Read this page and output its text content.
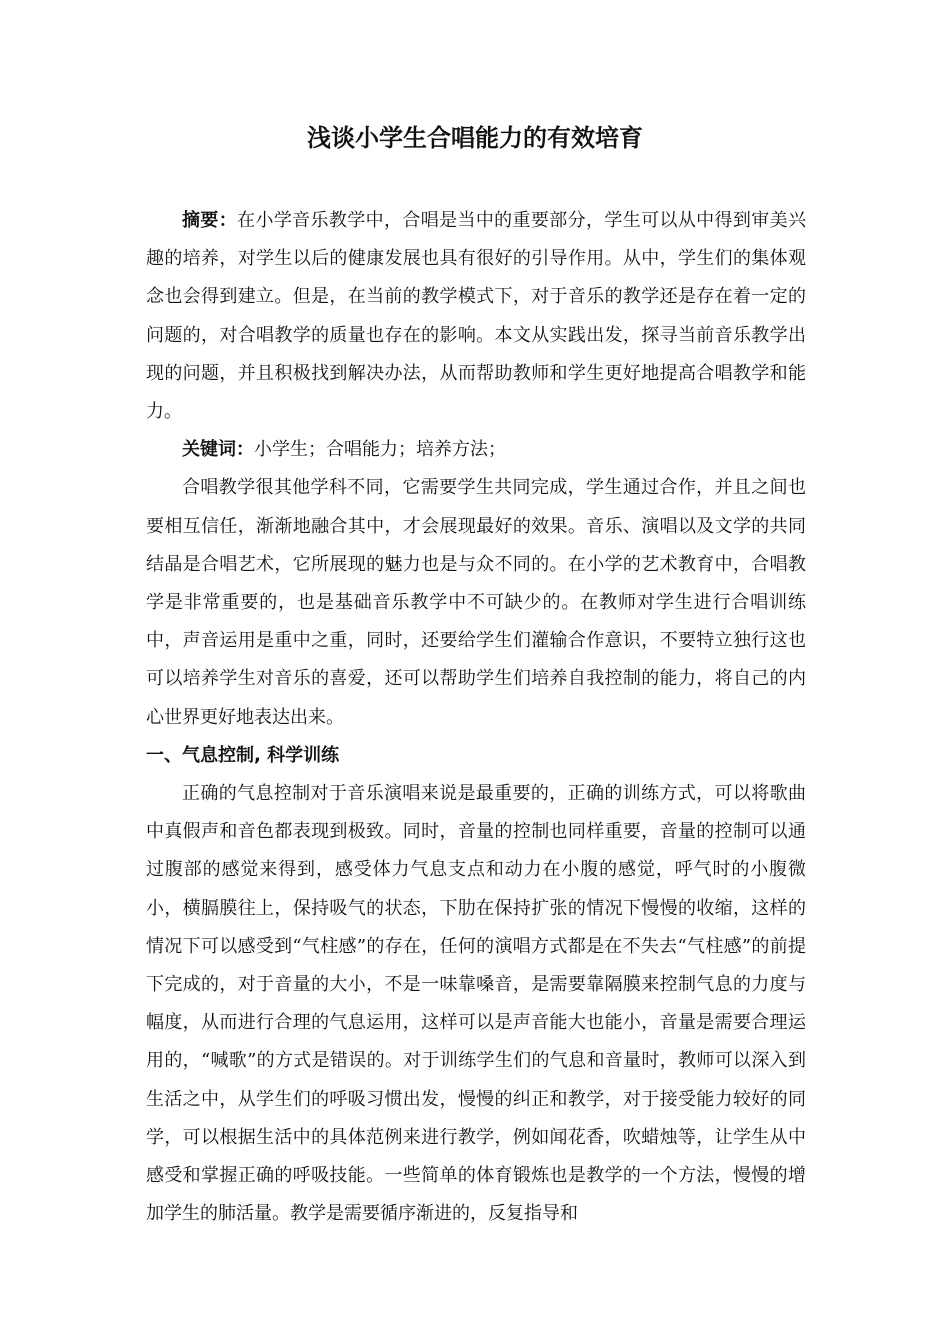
浅谈小学生合唱能力的有效培育

摘要：在小学音乐教学中，合唱是当中的重要部分，学生可以从中得到审美兴趣的培养，对学生以后的健康发展也具有很好的引导作用。从中，学生们的集体观念也会得到建立。但是，在当前的教学模式下，对于音乐的教学还是存在着一定的问题的，对合唱教学的质量也存在的影响。本文从实践出发，探寻当前音乐教学出现的问题，并且积极找到解决办法，从而帮助教师和学生更好地提高合唱教学和能力。

关键词：小学生；合唱能力；培养方法；

合唱教学很其他学科不同，它需要学生共同完成，学生通过合作，并且之间也要相互信任，渐渐地融合其中，才会展现最好的效果。音乐、演唱以及文学的共同结晶是合唱艺术，它所展现的魅力也是与众不同的。在小学的艺术教育中，合唱教学是非常重要的，也是基础音乐教学中不可缺少的。在教师对学生进行合唱训练中，声音运用是重中之重，同时，还要给学生们灌输合作意识，不要特立独行这也可以培养学生对音乐的喜爱，还可以帮助学生们培养自我控制的能力，将自己的内心世界更好地表达出来。

一、气息控制, 科学训练

正确的气息控制对于音乐演唱来说是最重要的，正确的训练方式，可以将歌曲中真假声和音色都表现到极致。同时，音量的控制也同样重要，音量的控制可以通过腹部的感觉来得到，感受体力气息支点和动力在小腹的感觉，呼气时的小腹微小，横膈膜往上，保持吸气的状态，下肋在保持扩张的情况下慢慢的收缩，这样的情况下可以感受到“气柱感”的存在，任何的演唱方式都是在不失去“气柱感”的前提下完成的，对于音量的大小，不是一味靠嗓音，是需要靠隔膜来控制气息的力度与幅度，从而进行合理的气息运用，这样可以是声音能大也能小，音量是需要合理运用的，“喊歌”的方式是错误的。对于训练学生们的气息和音量时，教师可以深入到生活之中，从学生们的呼吸习惯出发，慢慢的纠正和教学，对于接受能力较好的同学，可以根据生活中的具体范例来进行教学，例如闻花香，吹蜡烛等，让学生从中感受和掌握正确的呼吸技能。一些简单的体育锻炼也是教学的一个方法，慢慢的增加学生的肺活量。教学是需要循序渐进的，反复指导和
